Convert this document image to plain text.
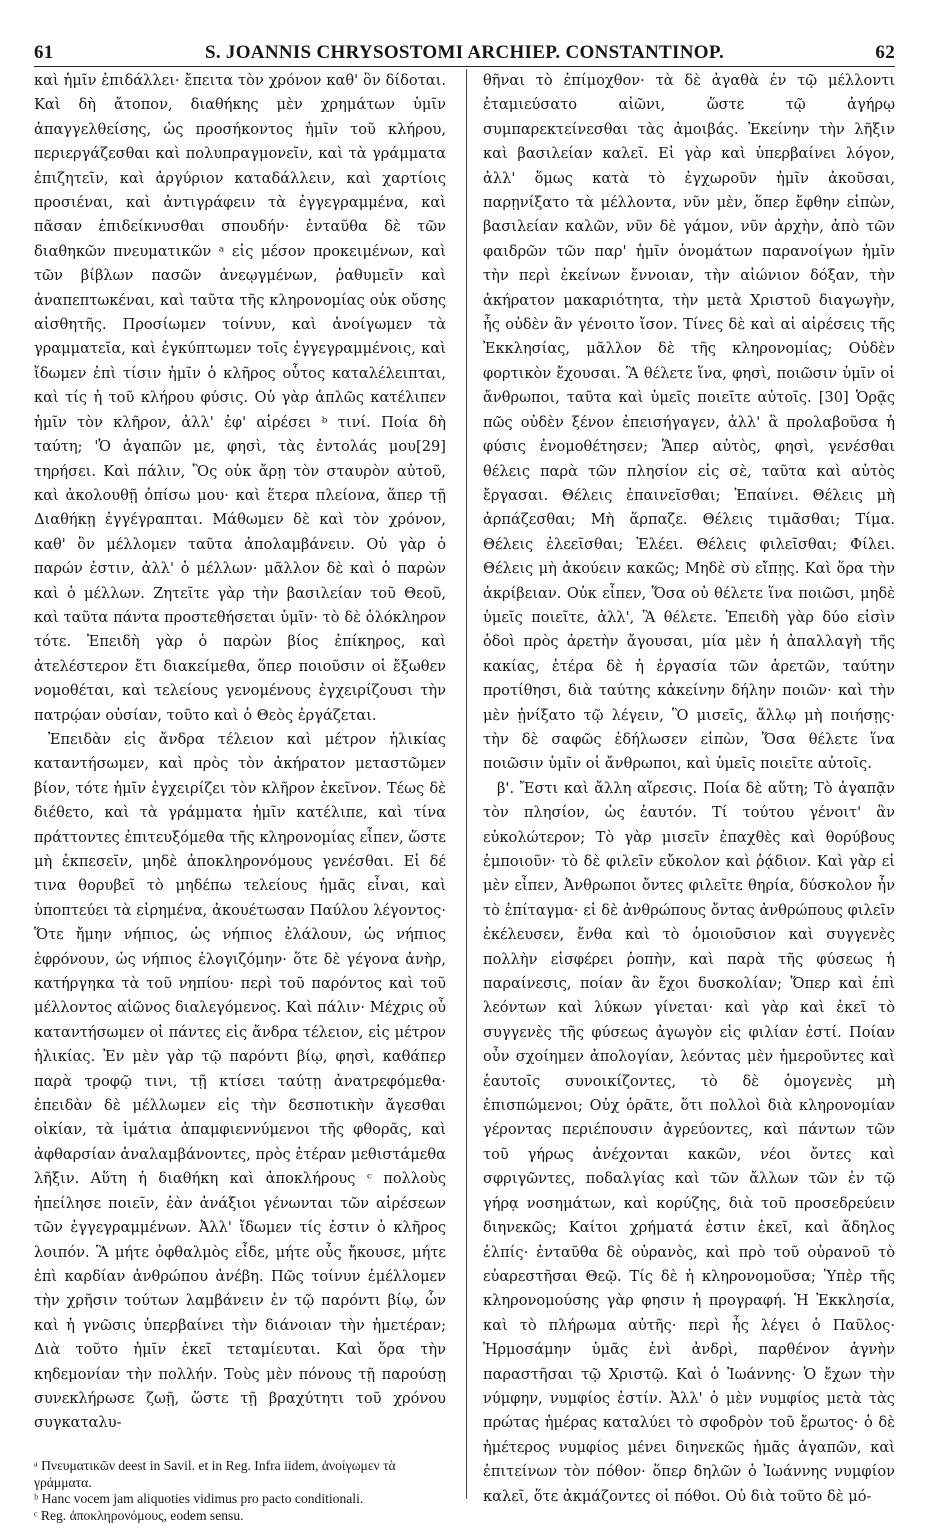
61	S. JOANNIS CHRYSOSTOMI ARCHIEP. CONSTANTINOP.	62

καὶ ἡμῖν ἐπιδάλλει· ἔπειτα τὸν χρόνον καθ' ὃν δίδοται. Καὶ δὴ ἄτοπον, διαθήκης μὲν χρημάτων ὑμῖν ἀπαγγελθείσης, ὡς προσήκοντος ἡμῖν τοῦ κλήρου, περιεργάζεσθαι καὶ πολυπραγμονεῖν, καὶ τὰ γράμματα ἐπιζητεῖν, καὶ ἀργύριον καταδάλλειν, καὶ χαρτίοις προσιέναι, καὶ ἀντιγράφειν τὰ ἐγγεγραμμένα, καὶ πᾶσαν ἐπιδείκνυσθαι σπουδήν· ἐνταῦθα δὲ τῶν διαθηκῶν πνευματικῶν ᵃ εἰς μέσον προκειμένων, καὶ τῶν βίβλων πασῶν ἀνεῳγμένων, ῥαθυμεῖν καὶ ἀναπεπτωκέναι, καὶ ταῦτα τῆς κληρονομίας οὐκ οὔσης αἰσθητῆς. Προσίωμεν τοίνυν, καὶ ἀνοίγωμεν τὰ γραμματεῖα, καὶ ἐγκύπτωμεν τοῖς ἐγγεγραμμένοις, καὶ ἴδωμεν ἐπὶ τίσιν ἡμῖν ὁ κλῆρος οὗτος καταλέλειπται, καὶ τίς ἡ τοῦ κλήρου φύσις. Οὐ γὰρ ἁπλῶς κατέλιπεν ἡμῖν τὸν κλῆρον, ἀλλ' ἐφ' αἱρέσει ᵇ τινί. Ποία δὴ ταύτη; 'Ὁ ἀγαπῶν με, φησὶ, τὰς ἐντολάς μου[29] τηρήσει. Καὶ πάλιν, Ὃς οὐκ ἄρῃ τὸν σταυρὸν αὐτοῦ, καὶ ἀκολουθῇ ὀπίσω μου· καὶ ἕτερα πλείονα, ἅπερ τῇ Διαθήκῃ ἐγγέγραπται. Μάθωμεν δὲ καὶ τὸν χρόνον, καθ' ὃν μέλλομεν ταῦτα ἀπολαμβάνειν. Οὐ γὰρ ὁ παρών ἐστιν, ἀλλ' ὁ μέλλων· μᾶλλον δὲ καὶ ὁ παρὼν καὶ ὁ μέλλων. Ζητεῖτε γὰρ τὴν βασιλείαν τοῦ Θεοῦ, καὶ ταῦτα πάντα προστεθήσεται ὑμῖν· τὸ δὲ ὁλόκληρον τότε. Ἐπειδὴ γὰρ ὁ παρὼν βίος ἐπίκηρος, καὶ ἀτελέστερον ἔτι διακείμεθα, ὅπερ ποιοῦσιν οἱ ἔξωθεν νομοθέται, καὶ τελείους γενομένους ἐγχειρίζουσι τὴν πατρῴαν οὐσίαν, τοῦτο καὶ ὁ Θεὸς ἐργάζεται.

Ἐπειδὰν εἰς ἄνδρα τέλειον καὶ μέτρον ἡλικίας καταντήσωμεν, καὶ πρὸς τὸν ἀκήρατον μεταστῶμεν βίον, τότε ἡμῖν ἐγχειρίζει τὸν κλῆρον ἐκεῖνον. Τέως δὲ διέθετο, καὶ τὰ γράμματα ἡμῖν κατέλιπε, καὶ τίνα πράττοντες ἐπιτευξόμεθα τῆς κληρονομίας εἶπεν, ὥστε μὴ ἐκπεσεῖν, μηδὲ ἀποκληρονόμους γενέσθαι. Εἰ δέ τινα θορυβεῖ τὸ μηδέπω τελείους ἡμᾶς εἶναι, καὶ ὑποπτεύει τὰ εἰρημένα, ἀκουέτωσαν Παύλου λέγοντος· Ὅτε ἤμην νήπιος, ὡς νήπιος ἐλάλουν, ὡς νήπιος ἐφρόνουν, ὡς νήπιος ἐλογιζόμην· ὅτε δὲ γέγονα ἀνὴρ, κατήργηκα τὰ τοῦ νηπίου· περὶ τοῦ παρόντος καὶ τοῦ μέλλοντος αἰῶνος διαλεγόμενος. Καὶ πάλιν· Μέχρις οὗ καταντήσωμεν οἱ πάντες εἰς ἄνδρα τέλειον, εἰς μέτρον ἡλικίας. Ἐν μὲν γὰρ τῷ παρόντι βίῳ, φησὶ, καθάπερ παρὰ τροφῷ τινι, τῇ κτίσει ταύτῃ ἀνατρεφόμεθα· ἐπειδὰν δὲ μέλλωμεν εἰς τὴν δεσποτικὴν ἄγεσθαι οἰκίαν, τὰ ἱμάτια ἀπαμφιεννύμενοι τῆς φθορᾶς, καὶ ἀφθαρσίαν ἀναλαμβάνοντες, πρὸς ἑτέραν μεθιστάμεθα λῆξιν. Αὕτη ἡ διαθήκη καὶ ἀποκλήρους ᶜ πολλοὺς ἠπείλησε ποιεῖν, ἐὰν ἀνάξιοι γένωνται τῶν αἱρέσεων τῶν ἐγγεγραμμένων. Ἀλλ' ἴδωμεν τίς ἐστιν ὁ κλῆρος λοιπόν. Ἃ μήτε ὀφθαλμὸς εἶδε, μήτε οὖς ἤκουσε, μήτε ἐπὶ καρδίαν ἀνθρώπου ἀνέβη. Πῶς τοίνυν ἐμέλλομεν τὴν χρῆσιν τούτων λαμβάνειν ἐν τῷ παρόντι βίῳ, ὧν καὶ ἡ γνῶσις ὑπερβαίνει τὴν διάνοιαν τὴν ἡμετέραν; Διὰ τοῦτο ἡμῖν ἐκεῖ τεταμίευται. Καὶ ὅρα τὴν κηδεμονίαν τὴν πολλήν. Τοὺς μὲν πόνους τῇ παρούσῃ συνεκλήρωσε ζωῇ, ὥστε τῇ βραχύτητι τοῦ χρόνου συγκαταλυ-

θῆναι τὸ ἐπίμοχθον· τὰ δὲ ἀγαθὰ ἐν τῷ μέλλοντι ἐταμιεύσατο αἰῶνι, ὥστε τῷ ἀγήρῳ συμπαρεκτείνεσθαι τὰς ἀμοιβάς. Ἐκείνην τὴν λῆξιν καὶ βασιλείαν καλεῖ. Εἰ γὰρ καὶ ὑπερβαίνει λόγον, ἀλλ' ὅμως κατὰ τὸ ἐγχωροῦν ἡμῖν ἀκοῦσαι, παρῃνίξατο τὰ μέλλοντα, νῦν μὲν, ὅπερ ἔφθην εἰπὼν, βασιλείαν καλῶν, νῦν δὲ γάμον, νῦν ἀρχὴν, ἀπὸ τῶν φαιδρῶν τῶν παρ' ἡμῖν ὀνομάτων παρανοίγων ἡμῖν τὴν περὶ ἐκείνων ἔννοιαν, τὴν αἰώνιον δόξαν, τὴν ἀκήρατον μακαριότητα, τὴν μετὰ Χριστοῦ διαγωγὴν, ἧς οὐδὲν ἂν γένοιτο ἴσον. Τίνες δὲ καὶ αἱ αἱρέσεις τῆς Ἐκκλησίας, μᾶλλον δὲ τῆς κληρονομίας; Οὐδὲν φορτικὸν ἔχουσαι. Ἃ θέλετε ἵνα, φησὶ, ποιῶσιν ὑμῖν οἱ ἄνθρωποι, ταῦτα καὶ ὑμεῖς ποιεῖτε αὐτοῖς. [30] Ὁρᾷς πῶς οὐδὲν ξένον ἐπεισήγαγεν, ἀλλ' ἃ προλαβοῦσα ἡ φύσις ἐνομοθέτησεν; Ἅπερ αὐτὸς, φησὶ, γενέσθαι θέλεις παρὰ τῶν πλησίον εἰς σὲ, ταῦτα καὶ αὐτὸς ἔργασαι. Θέλεις ἐπαινεῖσθαι; Ἐπαίνει. Θέλεις μὴ ἁρπάζεσθαι; Μὴ ἅρπαζε. Θέλεις τιμᾶσθαι; Τίμα. Θέλεις ἐλεεῖσθαι; Ἐλέει. Θέλεις φιλεῖσθαι; Φίλει. Θέλεις μὴ ἀκούειν κακῶς; Μηδὲ σὺ εἴπῃς. Καὶ ὅρα τὴν ἀκρίβειαν. Οὐκ εἶπεν, Ὅσα οὐ θέλετε ἵνα ποιῶσι, μηδὲ ὑμεῖς ποιεῖτε, ἀλλ', Ἃ θέλετε. Ἐπειδὴ γὰρ δύο εἰσὶν ὁδοὶ πρὸς ἀρετὴν ἄγουσαι, μία μὲν ἡ ἀπαλλαγὴ τῆς κακίας, ἑτέρα δὲ ἡ ἐργασία τῶν ἀρετῶν, ταύτην προτίθησι, διὰ ταύτης κἀκείνην δήλην ποιῶν· καὶ τὴν μὲν ᾐνίξατο τῷ λέγειν, Ὃ μισεῖς, ἄλλῳ μὴ ποιήσῃς· τὴν δὲ σαφῶς ἐδήλωσεν εἰπὼν, Ὅσα θέλετε ἵνα ποιῶσιν ὑμῖν οἱ ἄνθρωποι, καὶ ὑμεῖς ποιεῖτε αὐτοῖς.

β'. Ἔστι καὶ ἄλλη αἵρεσις. Ποία δὲ αὕτη; Τὸ ἀγαπᾷν τὸν πλησίον, ὡς ἑαυτόν. Τί τούτου γένοιτ' ἂν εὐκολώτερον; Τὸ γὰρ μισεῖν ἐπαχθὲς καὶ θορύβους ἐμποιοῦν· τὸ δὲ φιλεῖν εὔκολον καὶ ῥᾴδιον. Καὶ γὰρ εἰ μὲν εἶπεν, Ἀνθρωποι ὄντες φιλεῖτε θηρία, δύσκολον ἦν τὸ ἐπίταγμα· εἰ δὲ ἀνθρώπους ὄντας ἀνθρώπους φιλεῖν ἐκέλευσεν, ἔνθα καὶ τὸ ὁμοιοῦσιον καὶ συγγενὲς πολλὴν εἰσφέρει ῥοπὴν, καὶ παρὰ τῆς φύσεως ἡ παραίνεσις, ποίαν ἂν ἔχοι δυσκολίαν; Ὅπερ καὶ ἐπὶ λεόντων καὶ λύκων γίνεται· καὶ γὰρ καὶ ἐκεῖ τὸ συγγενὲς τῆς φύσεως ἀγωγὸν εἰς φιλίαν ἐστί. Ποίαν οὖν σχοίημεν ἀπολογίαν, λεόντας μὲν ἡμεροῦντες καὶ ἑαυτοῖς συνοικίζοντες, τὸ δὲ ὁμογενὲς μὴ ἐπισπώμενοι; Οὐχ ὁρᾶτε, ὅτι πολλοὶ διὰ κληρονομίαν γέροντας περιέπουσιν ἀγρεύοντες, καὶ πάντων τῶν τοῦ γήρως ἀνέχονται κακῶν, νέοι ὄντες καὶ σφριγῶντες, ποδαλγίας καὶ τῶν ἄλλων τῶν ἐν τῷ γήρᾳ νοσημάτων, καὶ κορύζης, διὰ τοῦ προσεδρεύειν διηνεκῶς; Καίτοι χρήματά ἐστιν ἐκεῖ, καὶ ἄδηλος ἐλπίς· ἐνταῦθα δὲ οὐρανὸς, καὶ πρὸ τοῦ οὐρανοῦ τὸ εὐαρεστῆσαι Θεῷ. Τίς δὲ ἡ κληρονομοῦσα; Ὑπὲρ τῆς κληρονομούσης γὰρ φησιν ἡ προγραφή. Ἡ Ἐκκλησία, καὶ τὸ πλήρωμα αὐτῆς· περὶ ἧς λέγει ὁ Παῦλος· Ἡρμοσάμην ὑμᾶς ἑνὶ ἀνδρὶ, παρθένον ἁγνὴν παραστῆσαι τῷ Χριστῷ. Καὶ ὁ Ἰωάννης· Ὁ ἔχων τὴν νύμφην, νυμφίος ἐστίν. Ἀλλ' ὁ μὲν νυμφίος μετὰ τὰς πρώτας ἡμέρας καταλύει τὸ σφοδρὸν τοῦ ἔρωτος· ὁ δὲ ἡμέτερος νυμφίος μένει διηνεκῶς ἡμᾶς ἀγαπῶν, καὶ ἐπιτείνων τὸν πόθον· ὅπερ δηλῶν ὁ Ἰωάννης νυμφίον καλεῖ, ὅτε ἀκμάζοντες οἱ πόθοι. Οὐ διὰ τοῦτο δὲ μό-

ᵃ Πνευματικῶν deest in Savil. et in Reg. Infra iidem, ἀνοίγωμεν τὰ γράμματα.
ᵇ Hanc vocem jam aliquoties vidimus pro pacto conditionali.
ᶜ Reg. ἀποκληρονόμους, eodem sensu.
